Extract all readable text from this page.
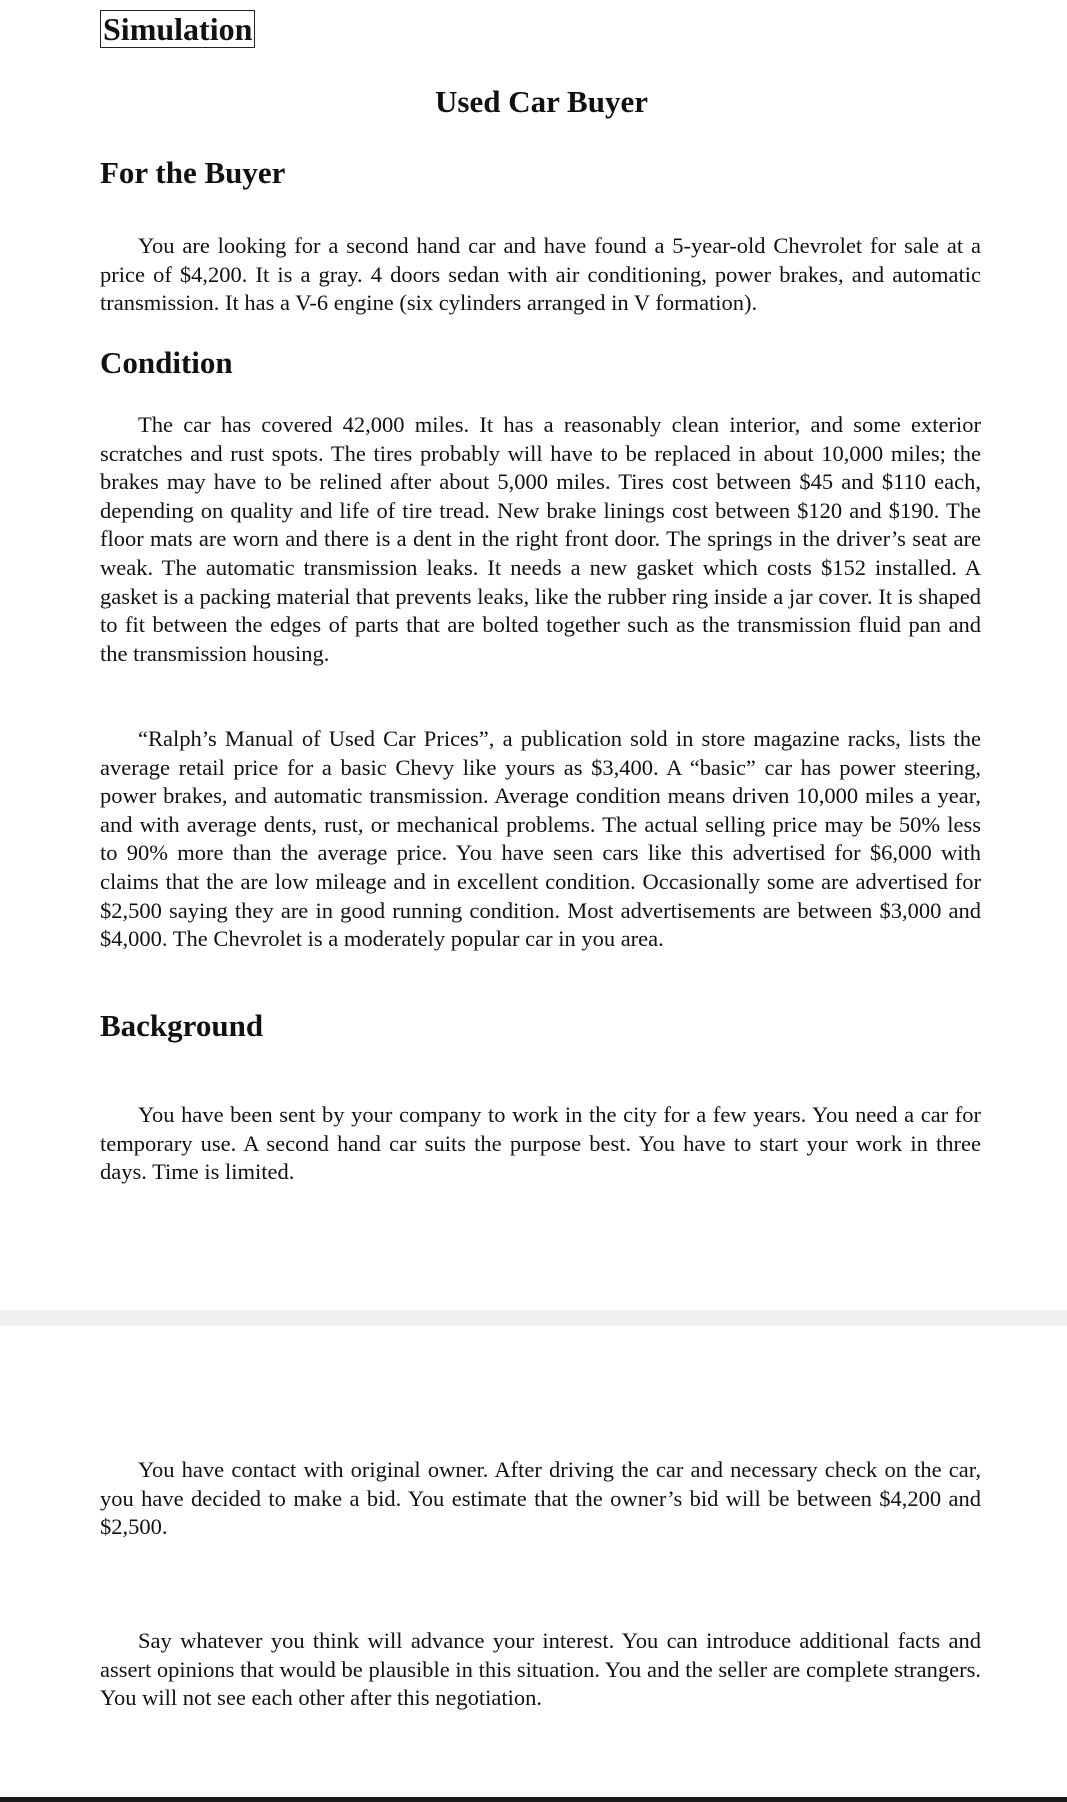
Simulation
Used Car Buyer
For the Buyer

You are looking for a second hand car and have found a 5-year-old Chevrolet for sale at a price of $4,200. It is a gray. 4 doors sedan with air conditioning, power brakes, and automatic transmission. It has a V-6 engine (six cylinders arranged in V formation).

Condition

The car has covered 42,000 miles. It has a reasonably clean interior, and some exterior scratches and rust spots. The tires probably will have to be replaced in about 10,000 miles; the brakes may have to be relined after about 5,000 miles. Tires cost between $45 and $110 each, depending on quality and life of tire tread. New brake linings cost between $120 and $190. The floor mats are worn and there is a dent in the right front door. The springs in the driver’s seat are weak. The automatic transmission leaks. It needs a new gasket which costs $152 installed. A gasket is a packing material that prevents leaks, like the rubber ring inside a jar cover. It is shaped to fit between the edges of parts that are bolted together such as the transmission fluid pan and the transmission housing.

“Ralph’s Manual of Used Car Prices”, a publication sold in store magazine racks, lists the average retail price for a basic Chevy like yours as $3,400. A “basic” car has power steering, power brakes, and automatic transmission. Average condition means driven 10,000 miles a year, and with average dents, rust, or mechanical problems. The actual selling price may be 50% less to 90% more than the average price. You have seen cars like this advertised for $6,000 with claims that the are low mileage and in excellent condition. Occasionally some are advertised for $2,500 saying they are in good running condition. Most advertisements are between $3,000 and $4,000. The Chevrolet is a moderately popular car in you area.

Background

You have been sent by your company to work in the city for a few years. You need a car for temporary use. A second hand car suits the purpose best. You have to start your work in three days. Time is limited.

You have contact with original owner. After driving the car and necessary check on the car, you have decided to make a bid. You estimate that the owner’s bid will be between $4,200 and $2,500.

Say whatever you think will advance your interest. You can introduce additional facts and assert opinions that would be plausible in this situation. You and the seller are complete strangers. You will not see each other after this negotiation.
